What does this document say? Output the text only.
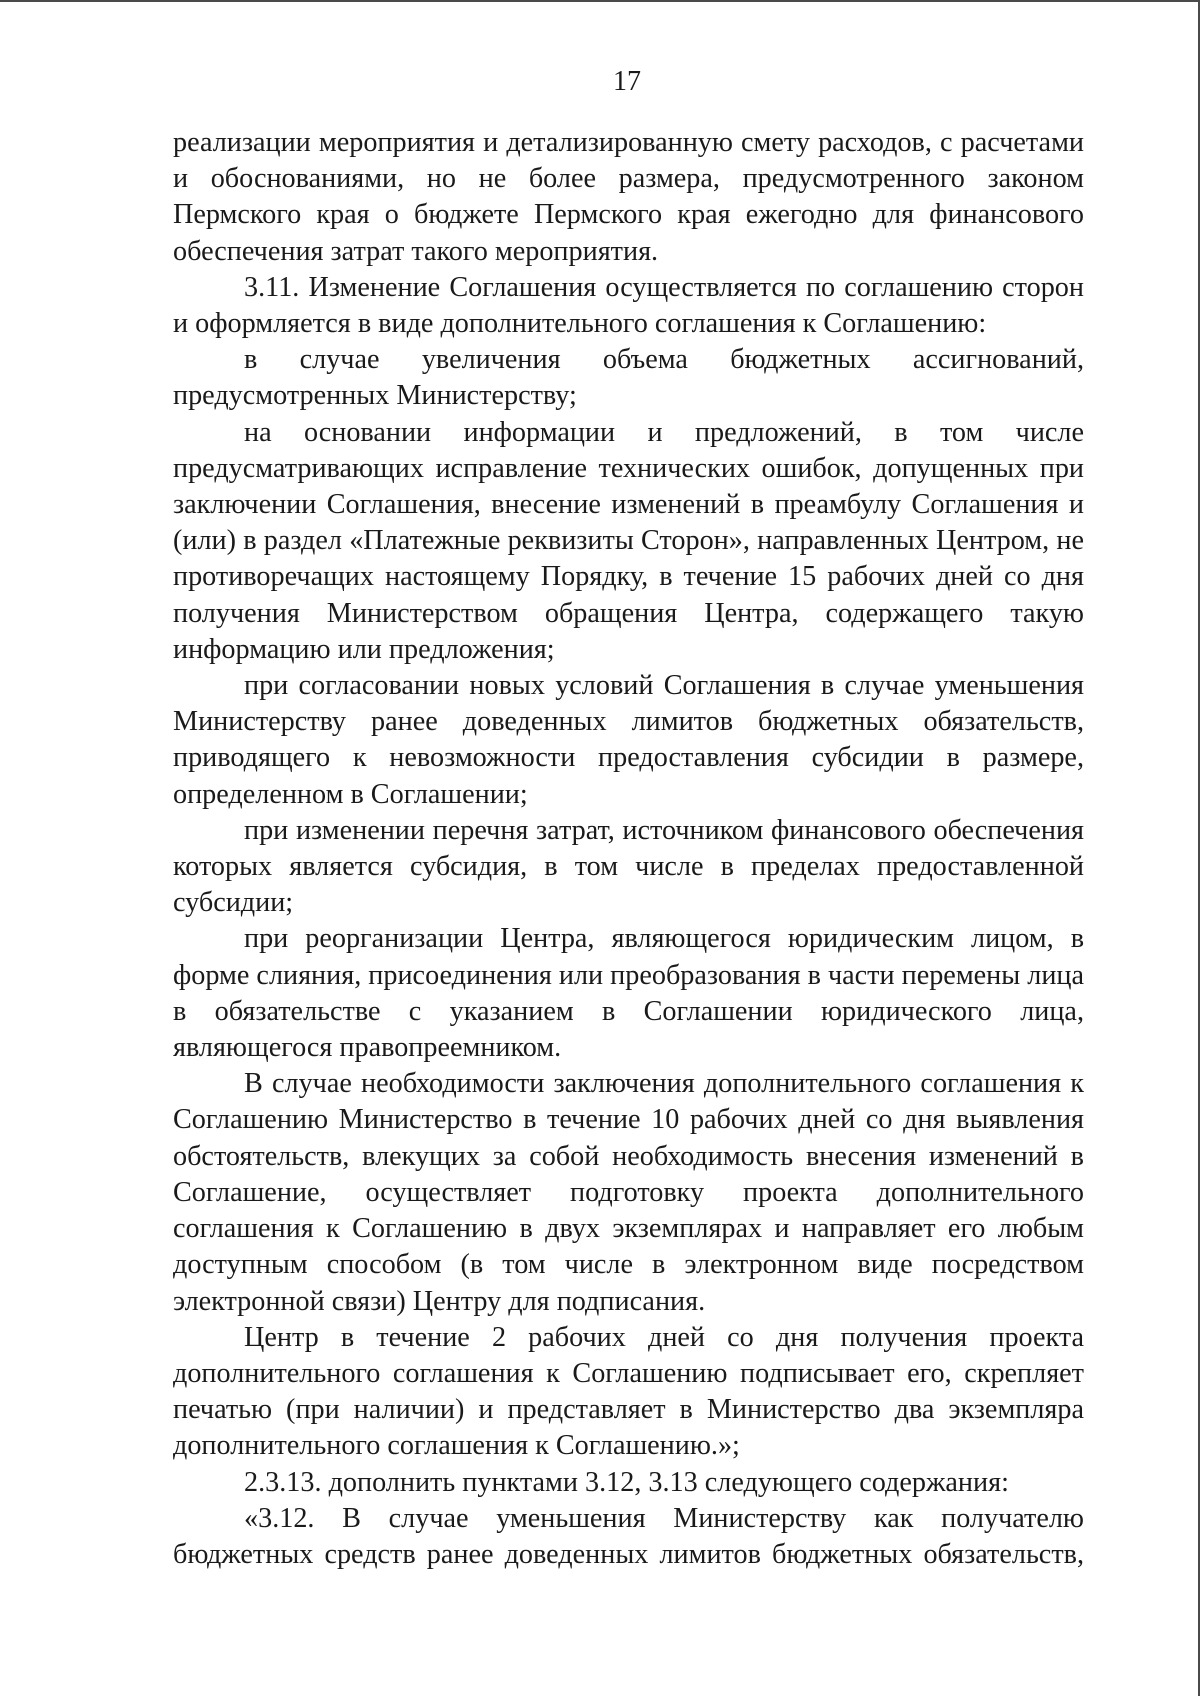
17

реализации мероприятия и детализированную смету расходов, с расчетами и обоснованиями, но не более размера, предусмотренного законом Пермского края о бюджете Пермского края ежегодно для финансового обеспечения затрат такого мероприятия.

3.11. Изменение Соглашения осуществляется по соглашению сторон и оформляется в виде дополнительного соглашения к Соглашению:

в случае увеличения объема бюджетных ассигнований, предусмотренных Министерству;

на основании информации и предложений, в том числе предусматривающих исправление технических ошибок, допущенных при заключении Соглашения, внесение изменений в преамбулу Соглашения и (или) в раздел «Платежные реквизиты Сторон», направленных Центром, не противоречащих настоящему Порядку, в течение 15 рабочих дней со дня получения Министерством обращения Центра, содержащего такую информацию или предложения;

при согласовании новых условий Соглашения в случае уменьшения Министерству ранее доведенных лимитов бюджетных обязательств, приводящего к невозможности предоставления субсидии в размере, определенном в Соглашении;

при изменении перечня затрат, источником финансового обеспечения которых является субсидия, в том числе в пределах предоставленной субсидии;

при реорганизации Центра, являющегося юридическим лицом, в форме слияния, присоединения или преобразования в части перемены лица в обязательстве с указанием в Соглашении юридического лица, являющегося правопреемником.

В случае необходимости заключения дополнительного соглашения к Соглашению Министерство в течение 10 рабочих дней со дня выявления обстоятельств, влекущих за собой необходимость внесения изменений в Соглашение, осуществляет подготовку проекта дополнительного соглашения к Соглашению в двух экземплярах и направляет его любым доступным способом (в том числе в электронном виде посредством электронной связи) Центру для подписания.

Центр в течение 2 рабочих дней со дня получения проекта дополнительного соглашения к Соглашению подписывает его, скрепляет печатью (при наличии) и представляет в Министерство два экземпляра дополнительного соглашения к Соглашению.»;

2.3.13. дополнить пунктами 3.12, 3.13 следующего содержания:

«3.12. В случае уменьшения Министерству как получателю бюджетных средств ранее доведенных лимитов бюджетных обязательств,
